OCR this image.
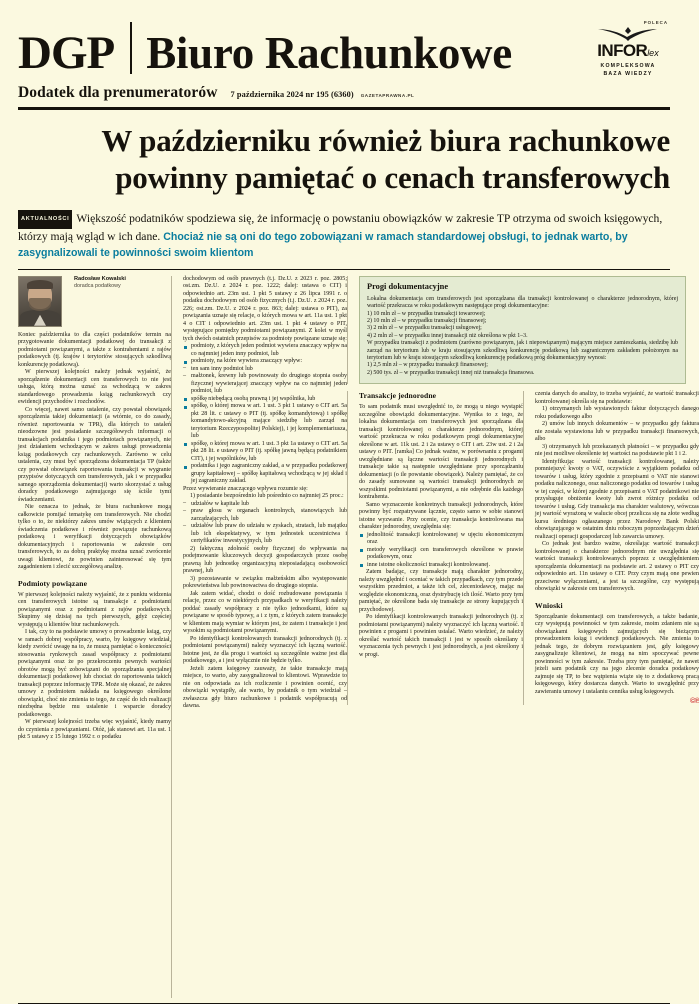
DGP Biuro Rachunkowe
POLECA
INFORlex
KOMPLEKSOWA
BAZA WIEDZY
Dodatek dla prenumeratorów 7 października 2024 nr 195 (6360) GAZETAPRAWNA.PL
W październiku również biura rachunkowe
powinny pamiętać o cenach transferowych
AKTUALNOŚCI Większość podatników spodziewa się, że informację o powstaniu obowiązków w zakresie TP otrzyma od swoich księgowych, którzy mają wgląd w ich dane. Chociaż nie są oni do tego zobowiązani w ramach standardowej obsługi, to jednak warto, by zasygnalizowali te powinności swoim klientom

Radosław Kowalski

doradca podatkowy

Koniec października to dla części podatników termin na przygotowanie dokumentacji podatkowej do transakcji z podmiotami powiązanymi, a także z kontrahentami z rajów podatkowych (tj. krajów i terytoriów stosujących szkodliwą konkurencję podatkową).

W pierwszej kolejności należy jednak wyjaśnić, że sporządzenie dokumentacji cen transferowych to nie jest usługa, którą można uznać za wchodzącą w zakres standardowego prowadzenia ksiąg rachunkowych czy ewidencji przychodów i rozchodów.

Co więcej, nawet samo ustalenie, czy powstał obowiązek sporządzenia takiej dokumentacji (a wtórnie, co do zasady, również raportowania w TPR), dla których to ustaleń nieodzowne jest posiadanie szczegółowych informacji o transakcjach podatnika i jego podmiotach powiązanych, nie jest działaniem wchodzącym w zakres usługi prowadzenia ksiąg podatkowych czy rachunkowych. Zarówno w celu ustalenia, czy musi być sporządzona dokumentacja TP (także czy powstał obowiązek raportowania transakcji w wygranie przypisów dotyczących cen transferowych, jak i w przypadku samego sporządzenia dokumentacji) warto skorzystać z usług doradcy podatkowego zajmującego się ściśle tymi świadczeniami.

Nie oznacza to jednak, że biura rachunkowe mogą całkowicie pomijać tematykę cen transferowych. Nie chodzi tylko o to, że niektórzy zakres umów wiążących z klientem świadczenia podatkowe i również powiązuje rachunkową podatkową i weryfikacji dotyczących obowiązków dokumentacyjnych i raportowania w zakresie cen transferowych, to za dobrą praktykę można uznać zwrócenie uwagi klientowi, że powinien zainteresować się tym zagadnieniem i zlecić szczegółową analizę.

Podmioty powiązane

W pierwszej kolejności należy wyjaśnić, że z punktu widzenia cen transferowych istotne są transakcje z podmiotami powiązanymi oraz z podmiotami z rajów podatkowych. Skupimy się dzisiaj na tych pierwszych, gdyż częściej występują u klientów biur rachunkowych.

I tak, czy to na podstawie umowy o prowadzenie ksiąg, czy w ramach dobrej współpracy, warto, by księgowy wiedział, kiedy zwrócić uwagę na to, że muszą pamiętać o konieczności stosowania rynkowych zasad współpracy z podmiotami powiązanymi oraz że po przekroczeniu pewnych wartości obrotów mogą być zobowiązani do sporządzania specjalnej dokumentacji podatkowej lub chociaż do raportowania takich transakcji poprzez informację TPR. Może się okazać, że zakres umowy z podmiotem nakłada na księgowego określone obowiązki, choć nie zmienia to tego, że część do ich realizacji niezbędna będzie mu ustalenie i wsparcie doradcy podatkowego.

W pierwszej kolejności trzeba więc wyjaśnić, kiedy mamy do czynienia z powiązaniami. Otóż, jak stanowi art. 11a ust. 1 pkt 5 ustawy z 15 lutego 1992 r. o podatku

dochodowym od osób prawnych (t.j. Dz.U. z 2023 r. poz. 2805; ost.zm. Dz.U. z 2024 r. poz. 1222; dalej: ustawa o CIT) i odpowiednio art. 23m ust. 1 pkt 5 ustawy z 26 lipca 1991 r. o podatku dochodowym od osób fizycznych (t.j. Dz.U. z 2024 r. poz. 226; ost.zm. Dz.U. z 2024 r. poz. 863; dalej: ustawa o PIT), za powiązania uznaje się relacje, o których mowa w art. 11a ust. 1 pkt 4 o CIT i odpowiednio art. 23m ust. 1 pkt 4 ustawy o PIT, występujące pomiędzy podmiotami powiązanymi. Z kolei w myśl tych dwóch ostatnich przepisów za podmioty powiązane uznaje się:

podmioty, z których jeden podmiot wywiera znaczący wpływ na co najmniej jeden inny podmiot, lub
podmioty, na które wywiera znaczący wpływ:
– ten sam inny podmiot lub
– małżonek, krewny lub powinowaty do drugiego stopnia osoby fizycznej wywierającej znaczący wpływ na co najmniej jeden podmiot, lub
spółkę niebędącą osobą prawną i jej wspólnika, lub
spółkę, o której mowa w art. 1 ust. 3 pkt 1 ustawy o CIT art. 5a pkt 28 lit. c ustawy o PIT (tj. spółkę komandytową) i spółkę komandytowo-akcyjną mające siedzibę lub zarząd na terytorium Rzeczypospolitej Polskiej), i jej komplementariusza, lub
spółkę, o której mowa w art. 1 ust. 3 pkt 1a ustawy o CIT art. 5a pkt 28 lit. e ustawy o PIT (tj. spółkę jawną będącą podatnikiem CIT), i jej wspólników, lub
podatnika i jego zagraniczny zakład, a w przypadku podatkowej grupy kapitałowej – spółkę kapitałową wchodzącą w jej skład i jej zagraniczny zakład.

Przez wywieranie znaczącego wpływu rozumie się:

1) posiadanie bezpośrednio lub pośrednio co najmniej 25 proc.:

– udziałów w kapitale lub
– praw głosu w organach kontrolnych, stanowiących lub zarządzających, lub
– udziałów lub praw do udziału w zyskach, stratach, lub majątku lub ich ekspektatywy, w tym jednostek uczestnictwa i certyfikatów inwestycyjnych, lub

2) faktyczną zdolność osoby fizycznej do wpływania na podejmowanie kluczowych decyzji gospodarczych przez osobę prawną lub jednostkę organizacyjną nieposiadającą osobowości prawnej, lub

3) pozostawanie w związku małżeńskim albo występowanie pokrewieństwa lub powinowactwa do drugiego stopnia.

Jak zatem widać, chodzi o dość rozbudowane powiązania i relacje, przez co w niektórych przypadkach w weryfikacji należy poddać zasady współpracy z nie tylko jednostkami, które są powiązane w sposób typowy, a i z tym, z których zatem transakcje w klientem mają wymiar w którym jest, że zatem i transakcje i jest wysokim są podmiotami powiązanymi.

Po identyfikacji kontrolowanych transakcji jednorodnych (tj. z podmiotami powiązanymi) należy wyznaczyć ich łączną wartość. Istotne jest, że dla progu i wartości są szczególnie ważne jest dla podatkowego, a i jest wyłącznie nie będzie tylko.

Jeżeli zatem księgowy zauważy, że takie transakcje mają miejsce, to warto, aby zasygnalizował to klientowi. Wprawdzie to nie on odpowiada za ich rozliczenie i powinien ocenić, czy obowiązki wystąpiły, ale warto, by podatnik o tym wiedział – zwłaszcza gdy biuro rachunkowe i podatnik współpracują od dawna.

Progi dokumentacyjne

Lokalna dokumentacja cen transferowych jest sporządzana dla transakcji kontrolowanej o charakterze jednorodnym, której wartość przekracza w roku podatkowym następujące progi dokumentacyjne:

1) 10 mln zł – w przypadku transakcji towarowej;

2) 10 mln zł – w przypadku transakcji finansowej;

3) 2 mln zł – w przypadku transakcji usługowej;

4) 2 mln zł – w przypadku innej transakcji niż określona w pkt 1–3.

W przypadku transakcji z podmiotem (zarówno powiązanym, jak i niepowiązanym) mającym miejsce zamieszkania, siedzibę lub zarząd na terytorium lub w kraju stosującym szkodliwą konkurencję podatkową lub zagranicznym zakładem położonym na terytorium lub w kraju stosującym szkodliwą konkurencję podatkową próg dokumentacyjny wynosi:

1) 2,5 mln zł – w przypadku transakcji finansowej;

2) 500 tys. zł – w przypadku transakcji innej niż transakcja finansowa.

Transakcje jednorodne

To sam podatnik musi uwzględnić to, że mogą u niego wystąpić szczególne obowiązki dokumentacyjne. Wynika to z tego, że lokalna dokumentacja cen transferowych jest sporządzana dla transakcji kontrolowanej o charakterze jednorodnym, której wartość przekracza w roku podatkowym progi dokumentacyjne określone w art. 11k ust. 2 i 2a ustawy o CIT i art. 23w ust. 2 i 2a ustawy o PIT. [ramka] Co jednak ważne, w porównaniu z progami uwzględniane są łączne wartości transakcji jednorodnych i transakcje takie są następnie uwzględniane przy sporządzaniu dokumentacji (o ile powstanie obowiązek). Należy pamiętać, że co do zasady sumowane są wartości transakcji jednorodnych ze wszystkimi podmiotami powiązanymi, a nie odrębnie dla każdego kontrahenta.

Samo wyznaczenie konkretnych transakcji jednorodnych, które powinny być rozpatrywane łącznie, często samo w sobie stanowi istotne wyzwanie. Przy ocenie, czy transakcja kontrolowana ma charakter jednorodny, uwzględnia się:

jednolitość transakcji kontrolowanej w ujęciu ekonomicznym oraz
metody weryfikacji cen transferowych określone w prawie podatkowym, oraz
inne istotne okoliczności transakcji kontrolowanej.

Zatem badając, czy transakcje mają charakter jednorodny, należy uwzględnić i oceniać w takich przypadkach, czy tym przede wszystkim przedmiot, a także ich cel, zleceniodawcę, mając na względzie ekonomiczną, oraz dystrybucję ich ilość. Warto przy tym pamiętać, że określone bada się transakcje ze strony kupujących i przychodowej.

Po identyfikacji kontrolowanych transakcji jednorodnych (tj. z podmiotami powiązanymi) należy wyznaczyć ich łączną wartość. I powinien z progami i powinien ustalać. Warto wiedzieć, że należy określać wartość takich transakcji i jest w sposób określany i wyznaczenia tych pewnych i jest jednorodnych, a jest określony i w progi.

czenia danych do analizy, to trzeba wyjaśnić, że wartość transakcji kontrolowanej określa się na podstawie:

1) otrzymanych lub wystawionych faktur dotyczących danego roku podatkowego albo

2) umów lub innych dokumentów – w przypadku gdy faktura nie została wystawiona lub w przypadku transakcji finansowych, albo

3) otrzymanych lub przekazanych płatności – w przypadku gdy nie jest możliwe określenie tej wartości na podstawie pkt 1 i 2.

Identyfikując wartość transakcji kontrolowanej, należy pomniejszyć kwoty o VAT, oczywiście z wyjątkiem podatku od towarów i usług, który zgodnie z przepisami o VAT nie stanowi podatku naliczonego, oraz naliczonego podatku od towarów i usług w tej części, w której zgodnie z przepisami o VAT podatnikowi nie przysługuje obniżenie kwoty lub zwrot różnicy podatku od towarów i usług. Gdy transakcja ma charakter walutowy, wówczas jej wartość wyrażoną w walucie obcej przelicza się na złote według kursu średniego ogłaszanego przez Narodowy Bank Polski obowiązującego w ostatnim dniu roboczym poprzedzającym dzień realizacji operacji gospodarczej lub zawarcia umowy.

Co jednak jest bardzo ważne, określając wartość transakcji kontrolowanej o charakterze jednorodnym nie uwzględnia się wartości transakcji kontrolowanych poprzez z uwzględnieniem sporządzenia dokumentacji na podstawie art. 2 ustawy o PIT czy odpowiednio art. 11n ustawy o CIT. Przy czym mają one pewien przeciwne wyłączeniami, a jest ta szczególne, czy występują obowiązki w zakresie cen transferowych.

Wnioski

Sporządzanie dokumentacji cen transferowych, a także badanie, czy występują powinności w tym zakresie, moim zdaniem nie są obowiązkami księgowych zajmujących się bieżącym prowadzeniem ksiąg i ewidencji podatkowych. Nie zmienia to jednak tego, że dobrym rozwiązaniem jest, gdy księgowy zasygnalizuje klientowi, że mogą na nim spoczywać pewne powinności w tym zakresie. Trzeba przy tym pamiętać, że nawet jeżeli sam podatnik czy na jego zlecenie doradca podatkowy zajmuje się TP, to bez wątpienia wiąże się to z dodatkową pracą księgowego, który dostarcza danych. Warto to uwzględnić przy zawieraniu umowy i ustalaniu cennika usług księgowych.

©℗
